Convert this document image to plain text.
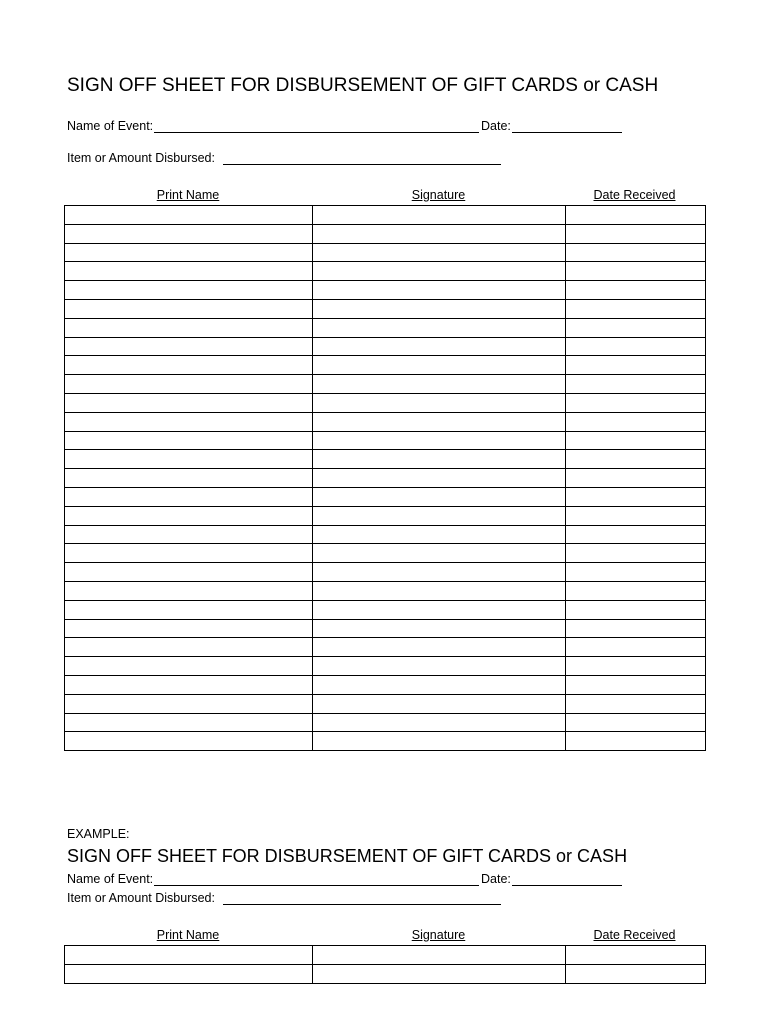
SIGN OFF SHEET FOR DISBURSEMENT OF GIFT CARDS or CASH
Name of Event:	Date:
Item or Amount Disbursed:
Print Name	Signature	Date Received

EXAMPLE:
SIGN OFF SHEET FOR DISBURSEMENT OF GIFT CARDS or CASH
Name of Event:	Date:
Item or Amount Disbursed:
Print Name	Signature	Date Received
